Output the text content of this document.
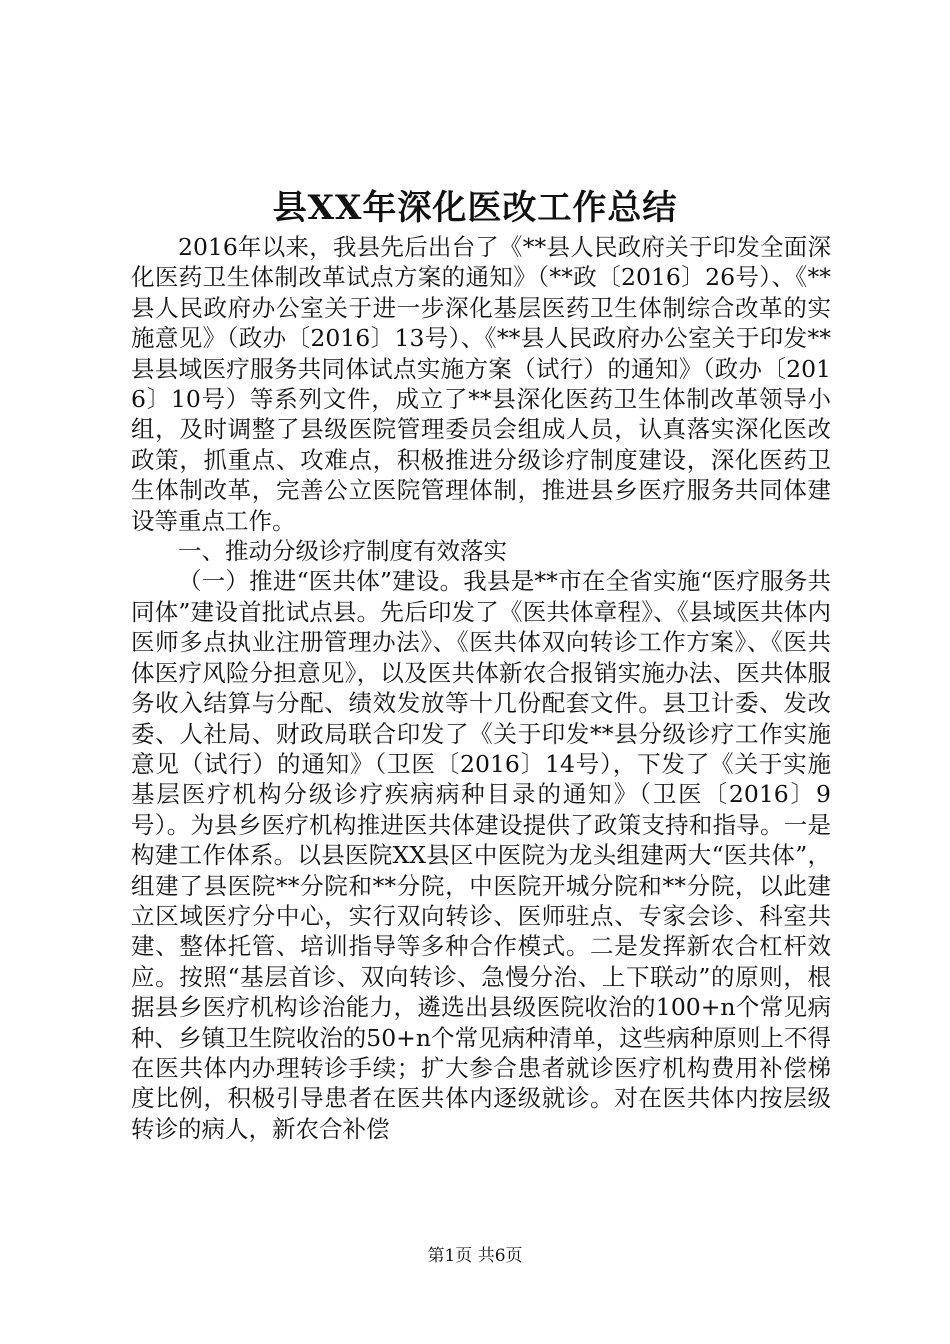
县XX年深化医改工作总结

2016年以来，我县先后出台了《**县人民政府关于印发全面深化医药卫生体制改革试点方案的通知》（**政〔2016〕26号）、《**县人民政府办公室关于进一步深化基层医药卫生体制综合改革的实施意见》（政办〔2016〕13号）、《**县人民政府办公室关于印发**县县域医疗服务共同体试点实施方案（试行）的通知》（政办〔2016〕10号）等系列文件，成立了**县深化医药卫生体制改革领导小组，及时调整了县级医院管理委员会组成人员，认真落实深化医改政策，抓重点、攻难点，积极推进分级诊疗制度建设，深化医药卫生体制改革，完善公立医院管理体制，推进县乡医疗服务共同体建设等重点工作。

一、推动分级诊疗制度有效落实

（一）推进“医共体”建设。我县是**市在全省实施“医疗服务共同体”建设首批试点县。先后印发了《医共体章程》、《县域医共体内医师多点执业注册管理办法》、《医共体双向转诊工作方案》、《医共体医疗风险分担意见》，以及医共体新农合报销实施办法、医共体服务收入结算与分配、绩效发放等十几份配套文件。县卫计委、发改委、人社局、财政局联合印发了《关于印发**县分级诊疗工作实施意见（试行）的通知》（卫医〔2016〕14号），下发了《关于实施基层医疗机构分级诊疗疾病病种目录的通知》（卫医〔2016〕9号）。为县乡医疗机构推进医共体建设提供了政策支持和指导。一是构建工作体系。以县医院XX县区中医院为龙头组建两大“医共体”，组建了县医院**分院和**分院，中医院开城分院和**分院，以此建立区域医疗分中心，实行双向转诊、医师驻点、专家会诊、科室共建、整体托管、培训指导等多种合作模式。二是发挥新农合杠杆效应。按照“基层首诊、双向转诊、急慢分治、上下联动”的原则，根据县乡医疗机构诊治能力，遴选出县级医院收治的100+n个常见病种、乡镇卫生院收治的50+n个常见病种清单，这些病种原则上不得在医共体内办理转诊手续；扩大参合患者就诊医疗机构费用补偿梯度比例，积极引导患者在医共体内逐级就诊。对在医共体内按层级转诊的病人，新农合补偿

第1页 共6页
